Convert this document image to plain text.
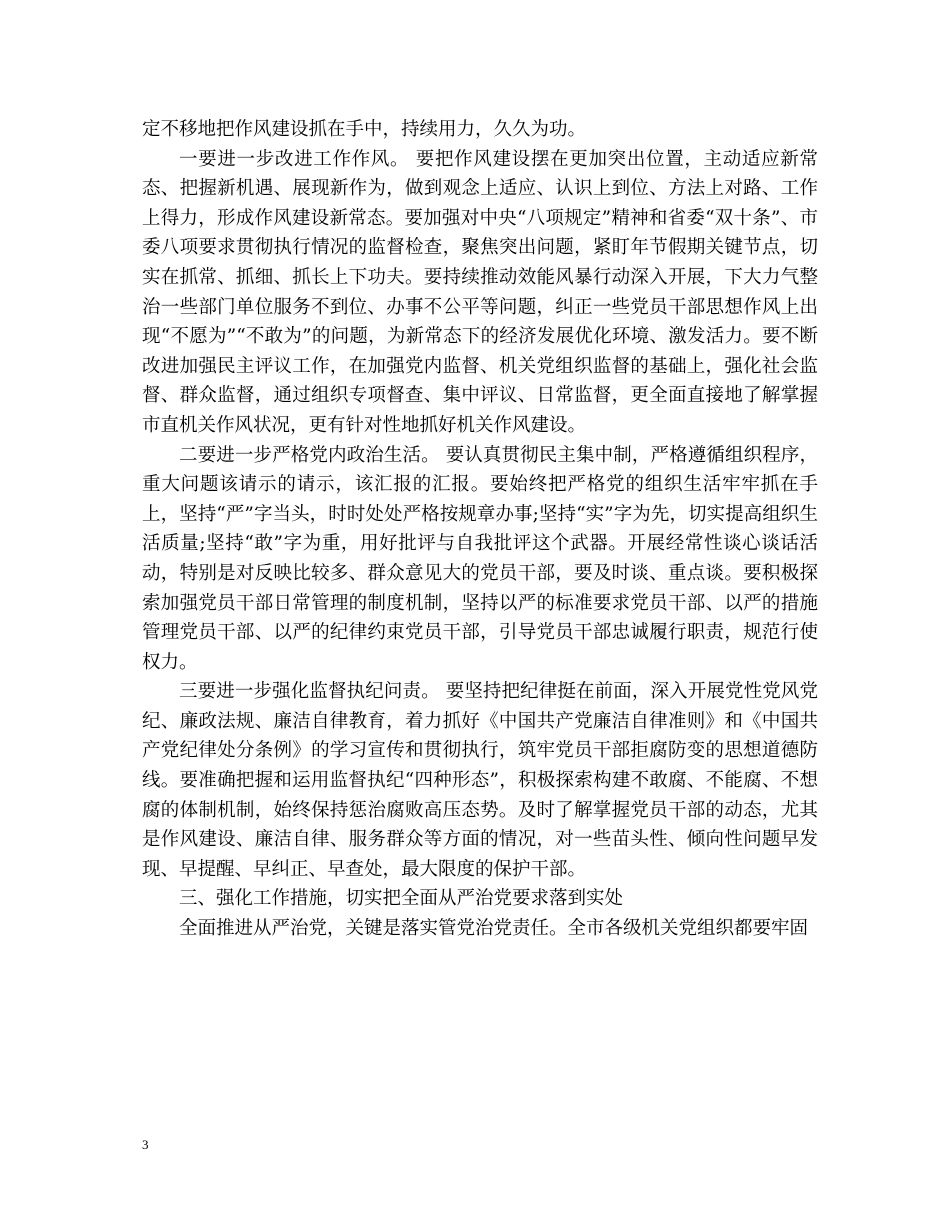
定不移地把作风建设抓在手中，持续用力，久久为功。

一要进一步改进工作作风。 要把作风建设摆在更加突出位置，主动适应新常态、把握新机遇、展现新作为，做到观念上适应、认识上到位、方法上对路、工作上得力，形成作风建设新常态。要加强对中央“八项规定”精神和省委“双十条”、市委八项要求贯彻执行情况的监督检查，聚焦突出问题，紧盯年节假期关键节点，切实在抓常、抓细、抓长上下功夫。要持续推动效能风暴行动深入开展，下大力气整治一些部门单位服务不到位、办事不公平等问题，纠正一些党员干部思想作风上出现“不愿为”“不敢为”的问题，为新常态下的经济发展优化环境、激发活力。要不断改进加强民主评议工作，在加强党内监督、机关党组织监督的基础上，强化社会监督、群众监督，通过组织专项督查、集中评议、日常监督，更全面直接地了解掌握市直机关作风状况，更有针对性地抓好机关作风建设。

二要进一步严格党内政治生活。 要认真贯彻民主集中制，严格遵循组织程序，重大问题该请示的请示，该汇报的汇报。要始终把严格党的组织生活牢牢抓在手上，坚持“严”字当头，时时处处严格按规章办事;坚持“实”字为先，切实提高组织生活质量;坚持“敢”字为重，用好批评与自我批评这个武器。开展经常性谈心谈话活动，特别是对反映比较多、群众意见大的党员干部，要及时谈、重点谈。要积极探索加强党员干部日常管理的制度机制，坚持以严的标准要求党员干部、以严的措施管理党员干部、以严的纪律约束党员干部，引导党员干部忠诚履行职责，规范行使权力。

三要进一步强化监督执纪问责。 要坚持把纪律挺在前面，深入开展党性党风党纪、廉政法规、廉洁自律教育，着力抓好《中国共产党廉洁自律准则》和《中国共产党纪律处分条例》的学习宣传和贯彻执行，筑牢党员干部拒腐防变的思想道德防线。要准确把握和运用监督执纪“四种形态”，积极探索构建不敢腐、不能腐、不想腐的体制机制，始终保持惩治腐败高压态势。及时了解掌握党员干部的动态，尤其是作风建设、廉洁自律、服务群众等方面的情况，对一些苗头性、倾向性问题早发现、早提醒、早纠正、早查处，最大限度的保护干部。

三、强化工作措施，切实把全面从严治党要求落到实处

全面推进从严治党，关键是落实管党治党责任。全市各级机关党组织都要牢固

3
